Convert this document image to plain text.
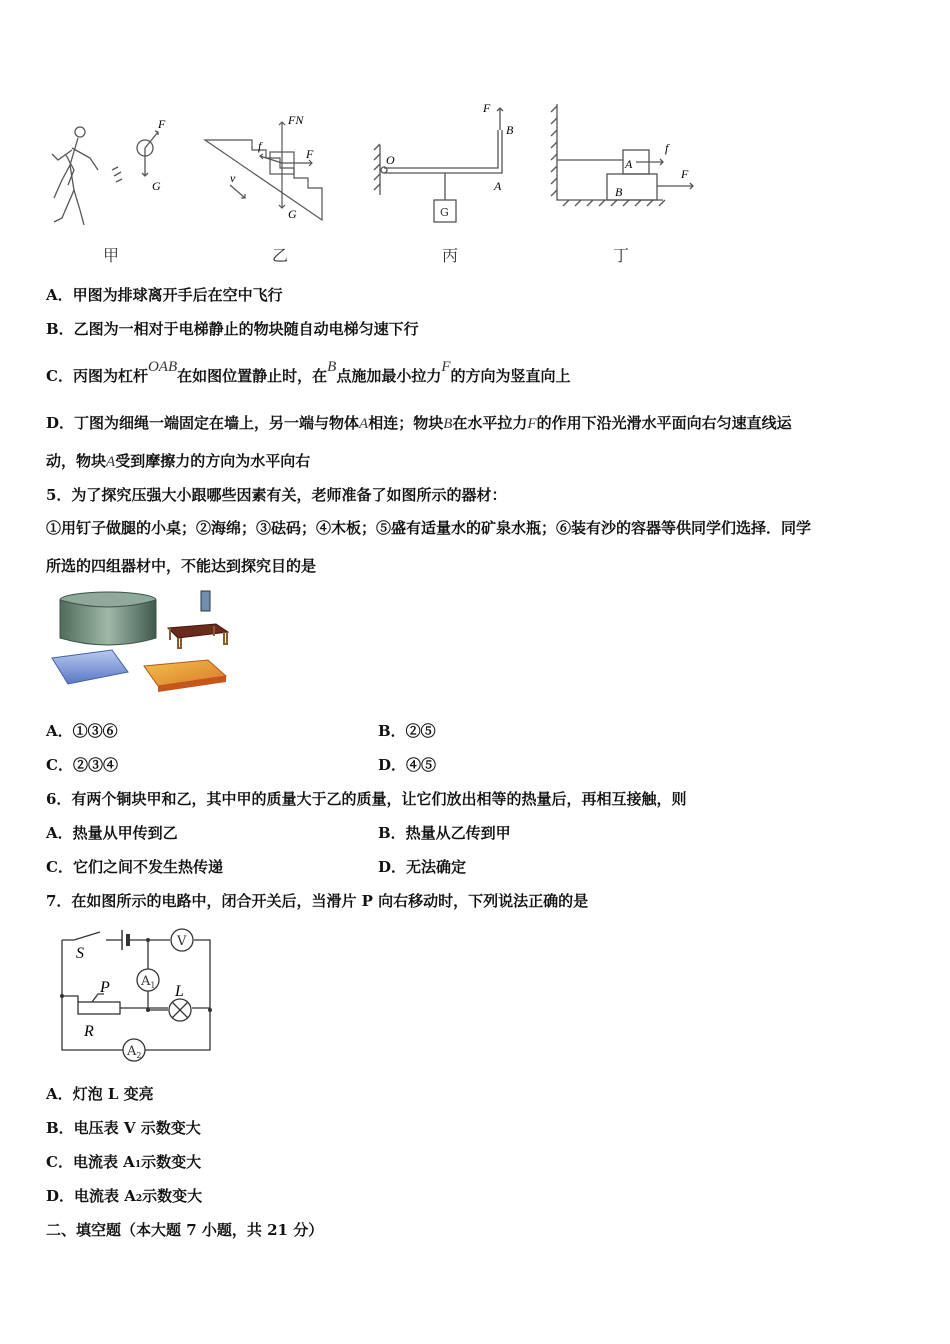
F
G
FN
f
F
v
G
F
B
O
A
G
A
B
f
F
甲	乙	丙	丁
A．甲图为排球离开手后在空中飞行
B．乙图为一相对于电梯静止的物块随自动电梯匀速下行
C．丙图为杠杆OAB在如图位置静止时，在B点施加最小拉力F的方向为竖直向上
D．丁图为细绳一端固定在墙上，另一端与物体A相连；物块B在水平拉力F的作用下沿光滑水平面向右匀速直线运
动，物块A受到摩擦力的方向为水平向右
5．为了探究压强大小跟哪些因素有关，老师准备了如图所示的器材：
①用钉子做腿的小桌；②海绵；③砝码；④木板；⑤盛有适量水的矿泉水瓶；⑥装有沙的容器等供同学们选择．同学
所选的四组器材中，不能达到探究目的是
A．①③⑥	B．②⑤
C．②③④	D．④⑤
6．有两个铜块甲和乙，其中甲的质量大于乙的质量，让它们放出相等的热量后，再相互接触，则
A．热量从甲传到乙	B．热量从乙传到甲
C．它们之间不发生热传递	D．无法确定
7．在如图所示的电路中，闭合开关后，当滑片 P 向右移动时，下列说法正确的是
S
V
$A_1$ L
P
R
$A_2$
A．灯泡 L 变亮
B．电压表 V 示数变大
C．电流表 A1示数变大
D．电流表 A2示数变大
二、填空题（本大题 7 小题，共 21 分）
